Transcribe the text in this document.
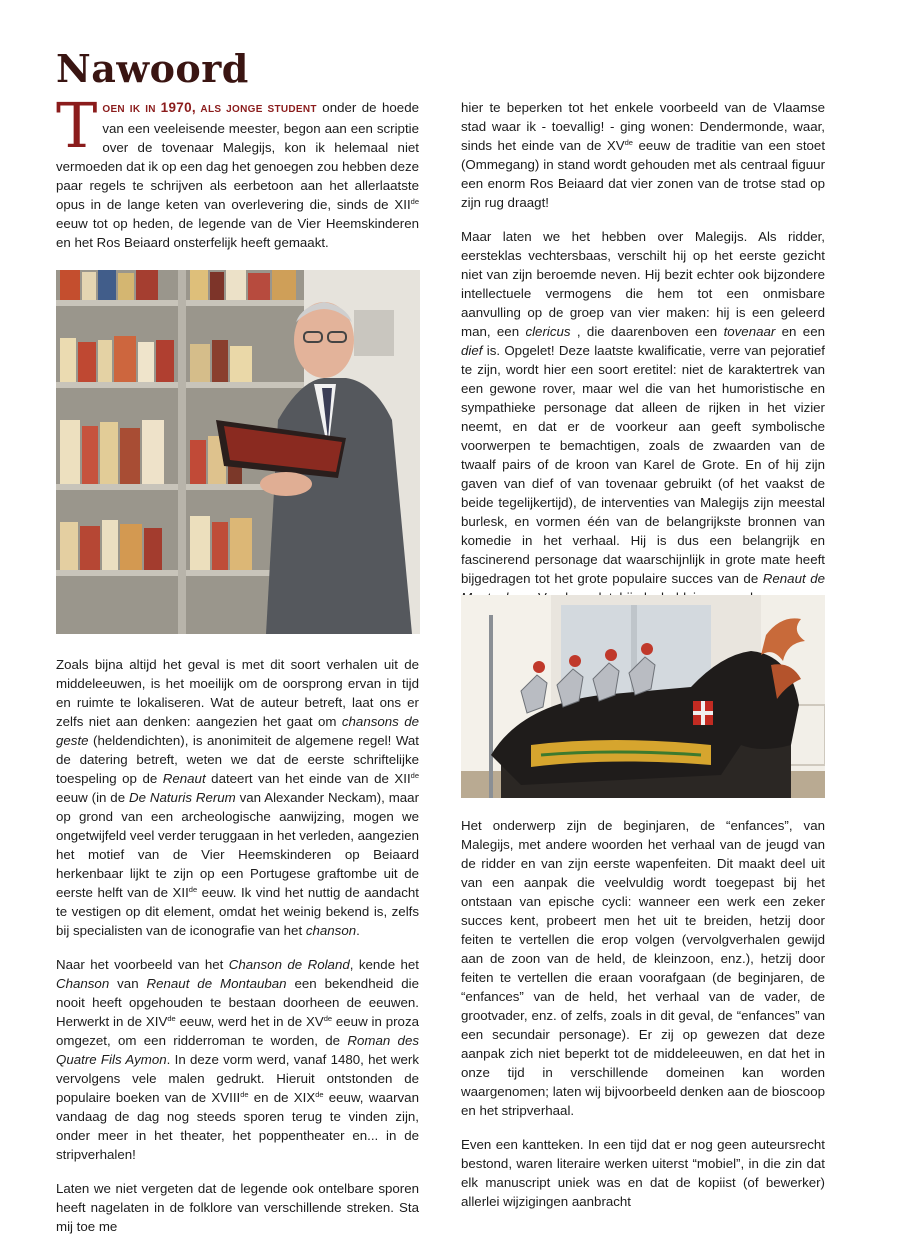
Nawoord

TOEN IK IN 1970, ALS JONGE STUDENT onder de hoede van een veeleisende meester, begon aan een scriptie over de tovenaar Malegijs, kon ik helemaal niet vermoeden dat ik op een dag het genoegen zou hebben deze paar regels te schrijven als eerbetoon aan het allerlaatste opus in de lange keten van overlevering die, sinds de XIIde eeuw tot op heden, de legende van de Vier Heemskinderen en het Ros Beiaard onsterfelijk heeft gemaakt.

Zoals bijna altijd het geval is met dit soort verhalen uit de middeleeuwen, is het moeilijk om de oorsprong ervan in tijd en ruimte te lokaliseren. Wat de auteur betreft, laat ons er zelfs niet aan denken: aangezien het gaat om chansons de geste (heldendichten), is anonimiteit de algemene regel! Wat de datering betreft, weten we dat de eerste schriftelijke toespeling op de Renaut dateert van het einde van de XIIde eeuw (in de De Naturis Rerum van Alexander Neckam), maar op grond van een archeologische aanwijzing, mogen we ongetwijfeld veel verder teruggaan in het verleden, aangezien het motief van de Vier Heemskinderen op Beiaard herkenbaar lijkt te zijn op een Portugese graftombe uit de eerste helft van de XIIde eeuw. Ik vind het nuttig de aandacht te vestigen op dit element, omdat het weinig bekend is, zelfs bij specialisten van de iconografie van het chanson.

Naar het voorbeeld van het Chanson de Roland, kende het Chanson van Renaut de Montauban een bekendheid die nooit heeft opgehouden te bestaan doorheen de eeuwen. Herwerkt in de XIVde eeuw, werd het in de XVde eeuw in proza omgezet, om een ridderroman te worden, de Roman des Quatre Fils Aymon. In deze vorm werd, vanaf 1480, het werk vervolgens vele malen gedrukt. Hieruit ontstonden de populaire boeken van de XVIIIde en de XIXde eeuw, waarvan vandaag de dag nog steeds sporen terug te vinden zijn, onder meer in het theater, het poppentheater en... in de stripverhalen!

Laten we niet vergeten dat de legende ook ontelbare sporen heeft nagelaten in de folklore van verschillende streken. Sta mij toe me

hier te beperken tot het enkele voorbeeld van de Vlaamse stad waar ik - toevallig! - ging wonen: Dendermonde, waar, sinds het einde van de XVde eeuw de traditie van een stoet (Ommegang) in stand wordt gehouden met als centraal figuur een enorm Ros Beiaard dat vier zonen van de trotse stad op zijn rug draagt!

Maar laten we het hebben over Malegijs. Als ridder, eersteklas vechtersbaas, verschilt hij op het eerste gezicht niet van zijn beroemde neven. Hij bezit echter ook bijzondere intellectuele vermogens die hem tot een onmisbare aanvulling op de groep van vier maken: hij is een geleerd man, een clericus , die daarenboven een tovenaar en een dief is. Opgelet! Deze laatste kwalificatie, verre van pejoratief te zijn, wordt hier een soort eretitel: niet de karaktertrek van een gewone rover, maar wel die van het humoristische en sympathieke personage dat alleen de rijken in het vizier neemt, en dat er de voorkeur aan geeft symbolische voorwerpen te bemachtigen, zoals de zwaarden van de twaalf pairs of de kroon van Karel de Grote. En of hij zijn gaven van dief of van tovenaar gebruikt (of het vaakst de beide tegelijkertijd), de interventies van Malegijs zijn meestal burlesk, en vormen één van de belangrijkste bronnen van komedie in het verhaal. Hij is dus een belangrijk en fascinerend personage dat waarschijnlijk in grote mate heeft bijgedragen tot het grote populaire succes van de Renaut de

Het onderwerp zijn de beginjaren, de “enfances”, van Malegijs, met andere woorden het verhaal van de jeugd van de ridder en van zijn eerste wapenfeiten. Dit maakt deel uit van een aanpak die veelvuldig wordt toegepast bij het ontstaan van epische cycli: wanneer een werk een zeker succes kent, probeert men het uit te breiden, hetzij door feiten te vertellen die erop volgen (vervolgverhalen gewijd aan de zoon van de held, de kleinzoon, enz.), hetzij door feiten te vertellen die eraan voorafgaan (de beginjaren, de “enfances” van de held, het verhaal van de vader, de grootvader, enz. of zelfs, zoals in dit geval, de “enfances” van een secundair personage). Er zij op gewezen dat deze aanpak zich niet beperkt tot de middeleeuwen, en dat het in onze tijd in verschillende domeinen kan worden waargenomen; laten wij bijvoorbeeld denken aan de bioscoop en het stripverhaal.

Even een kantteken. In een tijd dat er nog geen auteursrecht bestond, waren literaire werken uiterst “mobiel”, in die zin dat elk manuscript uniek was en dat de kopiist (of bewerker) allerlei wijzigingen aanbracht
